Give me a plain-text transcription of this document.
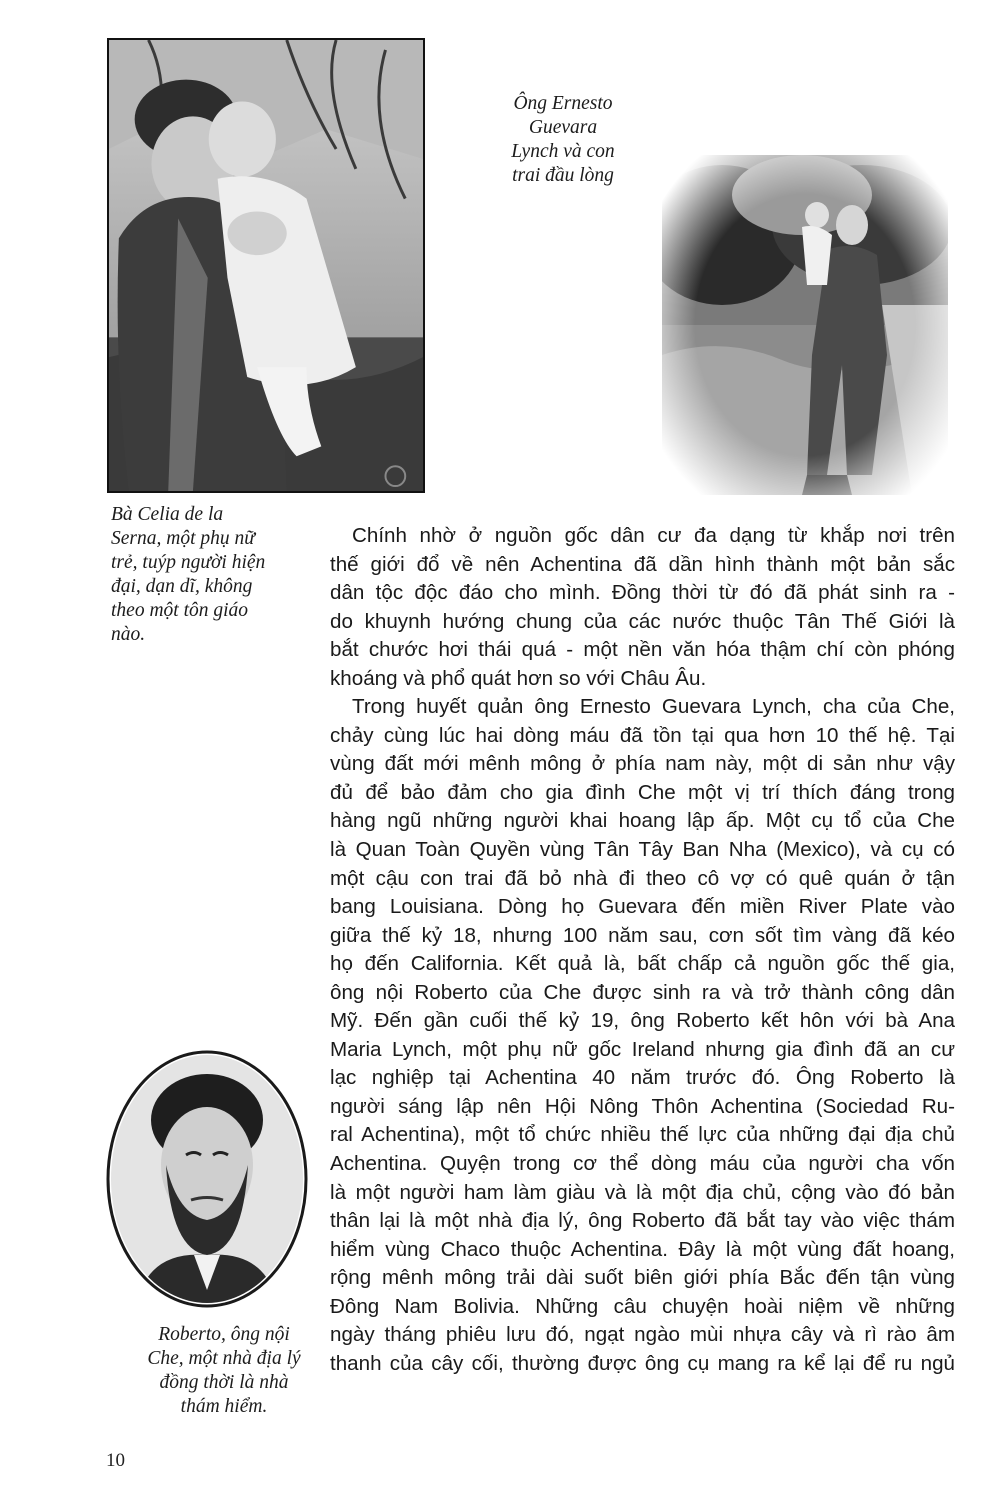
Ông Ernesto
Guevara
Lynch và con
trai đầu lòng
Bà Celia de la
Serna, một phụ nữ
trẻ, tuýp người hiện
đại, dạn dĩ, không
theo một tôn giáo
nào.
Roberto, ông nội
Che, một nhà địa lý
đồng thời là nhà
thám hiểm.
Chính nhờ ở nguồn gốc dân cư đa dạng từ khắp nơi trên
thế giới đổ về nên Achentina đã dần hình thành một bản sắc
dân tộc độc đáo cho mình. Đồng thời từ đó đã phát sinh ra -
do khuynh hướng chung của các nước thuộc Tân Thế Giới là
bắt chước hơi thái quá - một nền văn hóa thậm chí còn phóng
khoáng và phổ quát hơn so với Châu Âu.
Trong huyết quản ông Ernesto Guevara Lynch, cha của Che,
chảy cùng lúc hai dòng máu đã tồn tại qua hơn 10 thế hệ. Tại
vùng đất mới mênh mông ở phía nam này, một di sản như vậy
đủ để bảo đảm cho gia đình Che một vị trí thích đáng trong
hàng ngũ những người khai hoang lập ấp. Một cụ tổ của Che
là Quan Toàn Quyền vùng Tân Tây Ban Nha (Mexico), và cụ có
một cậu con trai đã bỏ nhà đi theo cô vợ có quê quán ở tận
bang Louisiana. Dòng họ Guevara đến miền River Plate vào
giữa thế kỷ 18, nhưng 100 năm sau, cơn sốt tìm vàng đã kéo
họ đến California. Kết quả là, bất chấp cả nguồn gốc thế gia,
ông nội Roberto của Che được sinh ra và trở thành công dân
Mỹ. Đến gần cuối thế kỷ 19, ông Roberto kết hôn với bà Ana
Maria Lynch, một phụ nữ gốc Ireland nhưng gia đình đã an cư
lạc nghiệp tại Achentina 40 năm trước đó. Ông Roberto là
người sáng lập nên Hội Nông Thôn Achentina (Sociedad Ru-
ral Achentina), một tổ chức nhiều thế lực của những đại địa chủ
Achentina. Quyện trong cơ thể dòng máu của người cha vốn
là một người ham làm giàu và là một địa chủ, cộng vào đó bản
thân lại là một nhà địa lý, ông Roberto đã bắt tay vào việc thám
hiểm vùng Chaco thuộc Achentina. Đây là một vùng đất hoang,
rộng mênh mông trải dài suốt biên giới phía Bắc đến tận vùng
Đông Nam Bolivia. Những câu chuyện hoài niệm về những
ngày tháng phiêu lưu đó, ngạt ngào mùi nhựa cây và rì rào âm
thanh của cây cối, thường được ông cụ mang ra kể lại để ru ngủ
10
